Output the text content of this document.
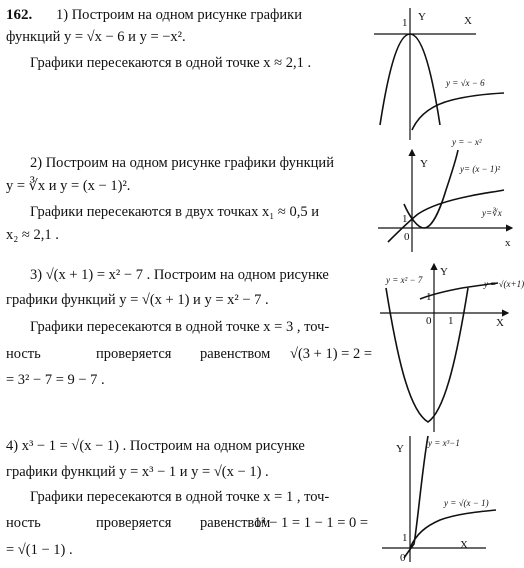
162. 1) Построим на одном рисунке графики
функций y = √x − 6 и y = −x².
Графики пересекаются в одной точке x ≈ 2,1 .
2) Построим на одном рисунке графики функций
y = ∛x и y = (x − 1)².
Графики пересекаются в двух точках x₁ ≈ 0,5 и
x₂ ≈ 2,1 .
3) √(x + 1) = x² − 7 . Построим на одном рисунке
графики функций y = √(x + 1) и y = x² − 7 .
Графики пересекаются в одной точке x = 3 , точ-
ность	проверяется равенством √(3 + 1) = 2 =
= 3² − 7 = 9 − 7 .
4) x³ − 1 = √(x − 1) . Построим на одном рисунке
графики функций y = x³ − 1 и y = √(x − 1) .
Графики пересекаются в одной точке x = 1 , точ-
ность	проверяется равенством
1³ − 1 = 1 − 1 = 0 =
= √(1 − 1) .
Y	X
1
y = √x − 6
y = − x²
Y
x
1
0
y= (x − 1)²
y=∛x
Y
X
1
0 1
y = x² − 7	y = √(x+1)
Y
X
1
0
y = x³−1
y = √(x − 1)
